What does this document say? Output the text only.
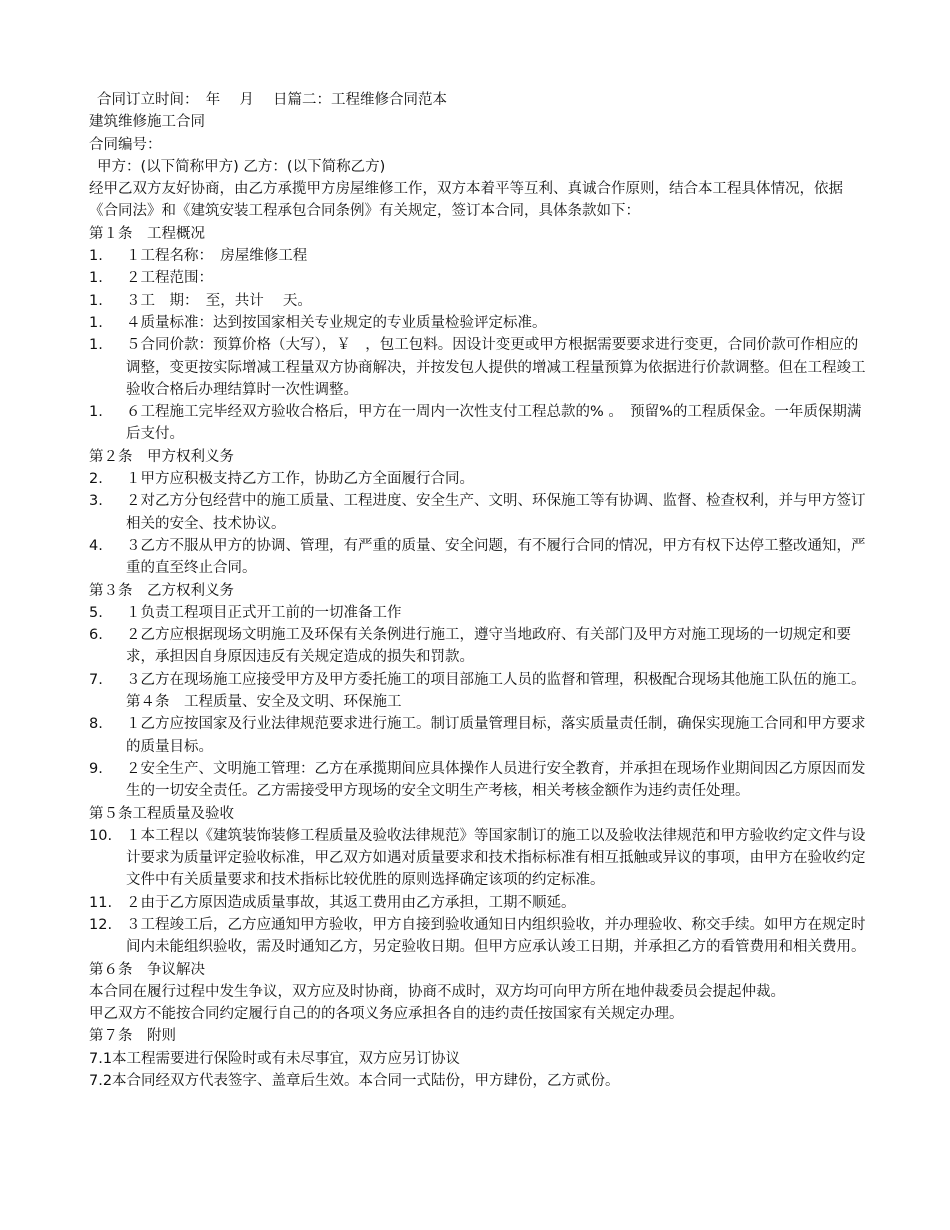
合同订立时间：　年　 月　 日篇二：工程维修合同范本
建筑维修施工合同
合同编号：
甲方：(以下简称甲方) 乙方：(以下简称乙方)
经甲乙双方友好协商，由乙方承揽甲方房屋维修工作，双方本着平等互利、真诚合作原则，结合本工程具体情况，依据《合同法》和《建筑安装工程承包合同条例》有关规定，签订本合同，具体条款如下：
第１条　工程概况
1.	１工程名称：　房屋维修工程
1.	２工程范围：
1.	３工　期：　至，共计　 天。
1.	４质量标准：达到按国家相关专业规定的专业质量检验评定标准。
1.	５合同价款：预算价格（大写），￥　，包工包料。因设计变更或甲方根据需要要求进行变更，合同价款可作相应的调整，变更按实际增减工程量双方协商解决，并按发包人提供的增减工程量预算为依据进行价款调整。但在工程竣工验收合格后办理结算时一次性调整。
1.	６工程施工完毕经双方验收合格后，甲方在一周内一次性支付工程总款的% 。　预留%的工程质保金。一年质保期满后支付。
第２条　甲方权利义务
2.	１甲方应积极支持乙方工作，协助乙方全面履行合同。
3.	２对乙方分包经营中的施工质量、工程进度、安全生产、文明、环保施工等有协调、监督、检查权利，并与甲方签订相关的安全、技术协议。
4.	３乙方不服从甲方的协调、管理，有严重的质量、安全问题，有不履行合同的情况，甲方有权下达停工整改通知，严重的直至终止合同。
第３条　乙方权利义务
5.	１负责工程项目正式开工前的一切准备工作
6.	２乙方应根据现场文明施工及环保有关条例进行施工，遵守当地政府、有关部门及甲方对施工现场的一切规定和要求，承担因自身原因违反有关规定造成的损失和罚款。
7.	３乙方在现场施工应接受甲方及甲方委托施工的项目部施工人员的监督和管理，积极配合现场其他施工队伍的施工。第４条　工程质量、安全及文明、环保施工
8.	１乙方应按国家及行业法律规范要求进行施工。制订质量管理目标，落实质量责任制，确保实现施工合同和甲方要求的质量目标。
9.	２安全生产、文明施工管理：乙方在承揽期间应具体操作人员进行安全教育，并承担在现场作业期间因乙方原因而发生的一切安全责任。乙方需接受甲方现场的安全文明生产考核，相关考核金额作为违约责任处理。
第５条工程质量及验收
10. １本工程以《建筑装饰装修工程质量及验收法律规范》等国家制订的施工以及验收法律规范和甲方验收约定文件与设计要求为质量评定验收标准，甲乙双方如遇对质量要求和技术指标标准有相互抵触或异议的事项，由甲方在验收约定文件中有关质量要求和技术指标比较优胜的原则选择确定该项的约定标准。
11. ２由于乙方原因造成质量事故，其返工费用由乙方承担，工期不顺延。
12. ３工程竣工后，乙方应通知甲方验收，甲方自接到验收通知日内组织验收，并办理验收、称交手续。如甲方在规定时间内未能组织验收，需及时通知乙方，另定验收日期。但甲方应承认竣工日期，并承担乙方的看管费用和相关费用。
第６条　争议解决
本合同在履行过程中发生争议，双方应及时协商，协商不成时，双方均可向甲方所在地仲裁委员会提起仲裁。
甲乙双方不能按合同约定履行自己的的各项义务应承担各自的违约责任按国家有关规定办理。
第７条　附则
7.1本工程需要进行保险时或有未尽事宜，双方应另订协议
7.2本合同经双方代表签字、盖章后生效。本合同一式陆份，甲方肆份，乙方贰份。
